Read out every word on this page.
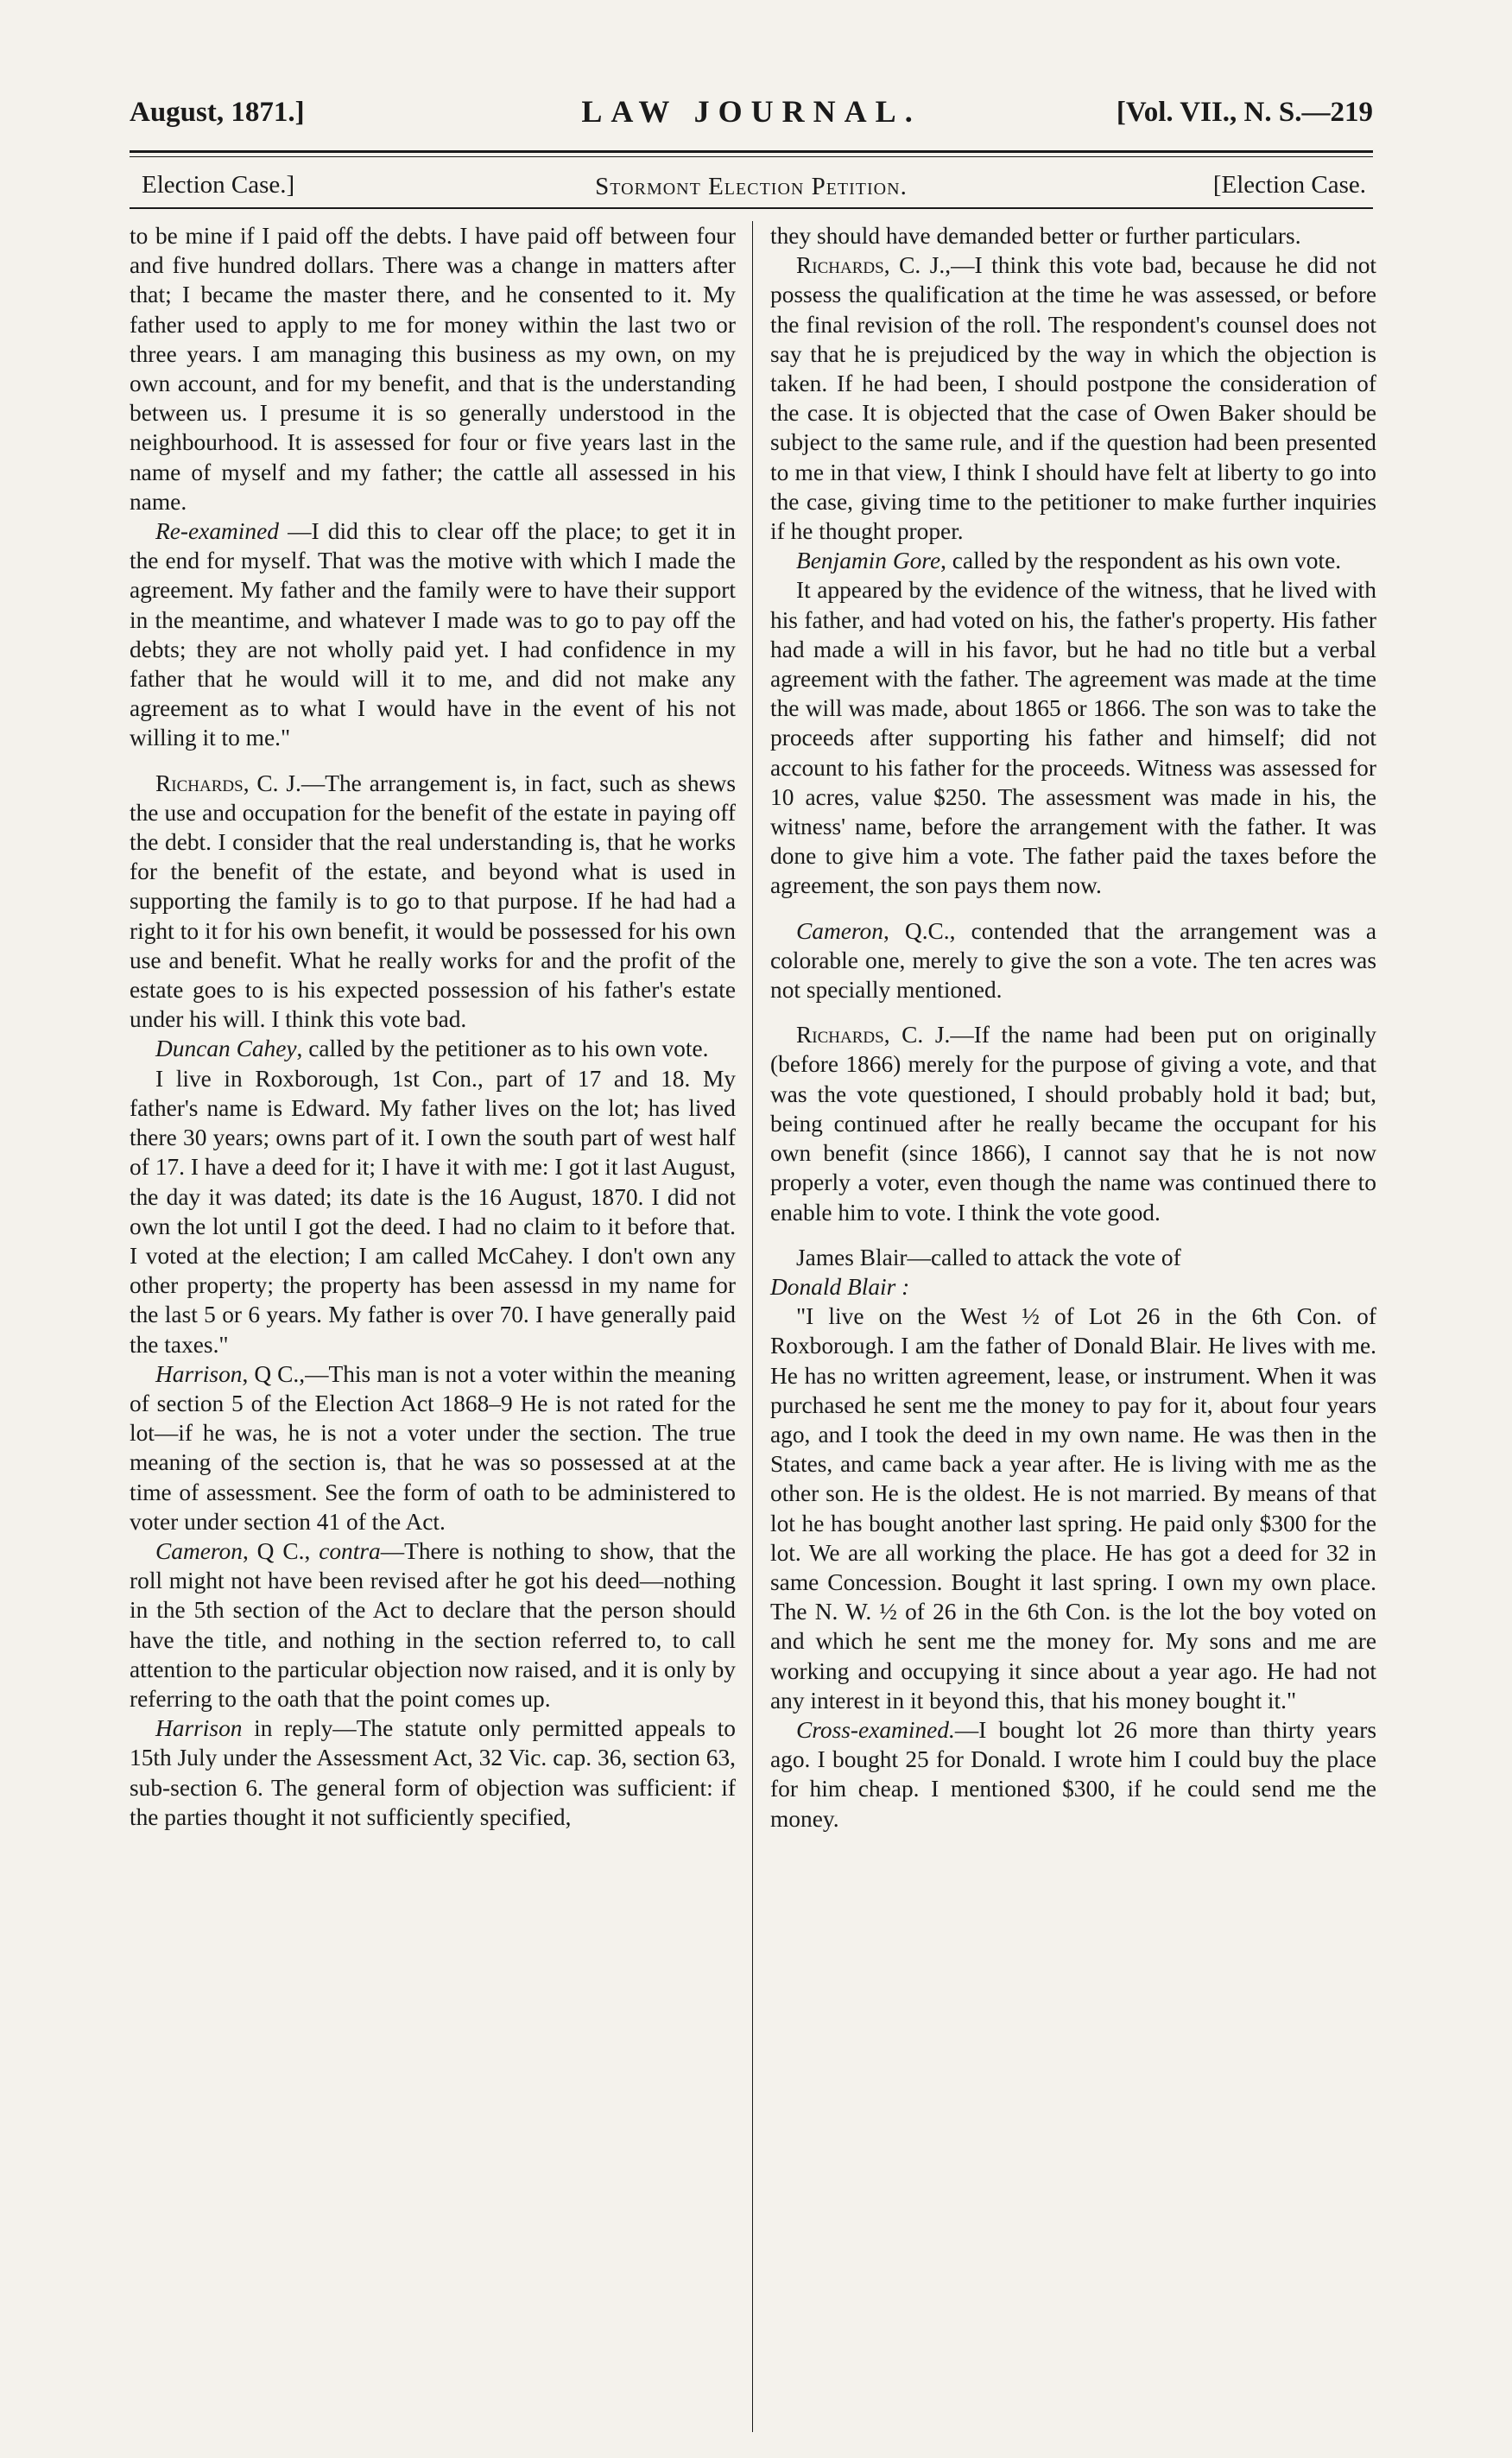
August, 1871.]	LAW JOURNAL.	[Vol. VII., N. S.—219
Election Case.]	Stormont Election Petition.	[Election Case.

to be mine if I paid off the debts. I have paid off between four and five hundred dollars. There was a change in matters after that; I became the master there, and he consented to it. My father used to apply to me for money within the last two or three years. I am managing this business as my own, on my own account, and for my benefit, and that is the understanding between us. I presume it is so generally understood in the neighbourhood. It is assessed for four or five years last in the name of myself and my father; the cattle all assessed in his name.

Re-examined —I did this to clear off the place; to get it in the end for myself. That was the motive with which I made the agreement. My father and the family were to have their support in the meantime, and whatever I made was to go to pay off the debts; they are not wholly paid yet. I had confidence in my father that he would will it to me, and did not make any agreement as to what I would have in the event of his not willing it to me."

Richards, C. J.—The arrangement is, in fact, such as shews the use and occupation for the benefit of the estate in paying off the debt. I consider that the real understanding is, that he works for the benefit of the estate, and beyond what is used in supporting the family is to go to that purpose. If he had had a right to it for his own benefit, it would be possessed for his own use and benefit. What he really works for and the profit of the estate goes to is his expected possession of his father's estate under his will. I think this vote bad.

Duncan Cahey, called by the petitioner as to his own vote.

I live in Roxborough, 1st Con., part of 17 and 18. My father's name is Edward. My father lives on the lot; has lived there 30 years; owns part of it. I own the south part of west half of 17. I have a deed for it; I have it with me: I got it last August, the day it was dated; its date is the 16 August, 1870. I did not own the lot until I got the deed. I had no claim to it before that. I voted at the election; I am called McCahey. I don't own any other property; the property has been assessd in my name for the last 5 or 6 years. My father is over 70. I have generally paid the taxes."

Harrison, Q C.,—This man is not a voter within the meaning of section 5 of the Election Act 1868–9 He is not rated for the lot—if he was, he is not a voter under the section. The true meaning of the section is, that he was so possessed at at the time of assessment. See the form of oath to be administered to voter under section 41 of the Act.

Cameron, Q C., contra—There is nothing to show, that the roll might not have been revised after he got his deed—nothing in the 5th section of the Act to declare that the person should have the title, and nothing in the section referred to, to call attention to the particular objection now raised, and it is only by referring to the oath that the point comes up.

Harrison in reply—The statute only permitted appeals to 15th July under the Assessment Act, 32 Vic. cap. 36, section 63, sub-section 6. The general form of objection was sufficient: if the parties thought it not sufficiently specified,

they should have demanded better or further particulars.

Richards, C. J.,—I think this vote bad, because he did not possess the qualification at the time he was assessed, or before the final revision of the roll. The respondent's counsel does not say that he is prejudiced by the way in which the objection is taken. If he had been, I should postpone the consideration of the case. It is objected that the case of Owen Baker should be subject to the same rule, and if the question had been presented to me in that view, I think I should have felt at liberty to go into the case, giving time to the petitioner to make further inquiries if he thought proper.

Benjamin Gore, called by the respondent as his own vote.

It appeared by the evidence of the witness, that he lived with his father, and had voted on his, the father's property. His father had made a will in his favor, but he had no title but a verbal agreement with the father. The agreement was made at the time the will was made, about 1865 or 1866. The son was to take the proceeds after supporting his father and himself; did not account to his father for the proceeds. Witness was assessed for 10 acres, value $250. The assessment was made in his, the witness' name, before the arrangement with the father. It was done to give him a vote. The father paid the taxes before the agreement, the son pays them now.

Cameron, Q.C., contended that the arrangement was a colorable one, merely to give the son a vote. The ten acres was not specially mentioned.

Richards, C. J.—If the name had been put on originally (before 1866) merely for the purpose of giving a vote, and that was the vote questioned, I should probably hold it bad; but, being continued after he really became the occupant for his own benefit (since 1866), I cannot say that he is not now properly a voter, even though the name was continued there to enable him to vote. I think the vote good.

James Blair—called to attack the vote of

Donald Blair :

"I live on the West ½ of Lot 26 in the 6th Con. of Roxborough. I am the father of Donald Blair. He lives with me. He has no written agreement, lease, or instrument. When it was purchased he sent me the money to pay for it, about four years ago, and I took the deed in my own name. He was then in the States, and came back a year after. He is living with me as the other son. He is the oldest. He is not married. By means of that lot he has bought another last spring. He paid only $300 for the lot. We are all working the place. He has got a deed for 32 in same Concession. Bought it last spring. I own my own place. The N. W. ½ of 26 in the 6th Con. is the lot the boy voted on and which he sent me the money for. My sons and me are working and occupying it since about a year ago. He had not any interest in it beyond this, that his money bought it."

Cross-examined.—I bought lot 26 more than thirty years ago. I bought 25 for Donald. I wrote him I could buy the place for him cheap. I mentioned $300, if he could send me the money.
